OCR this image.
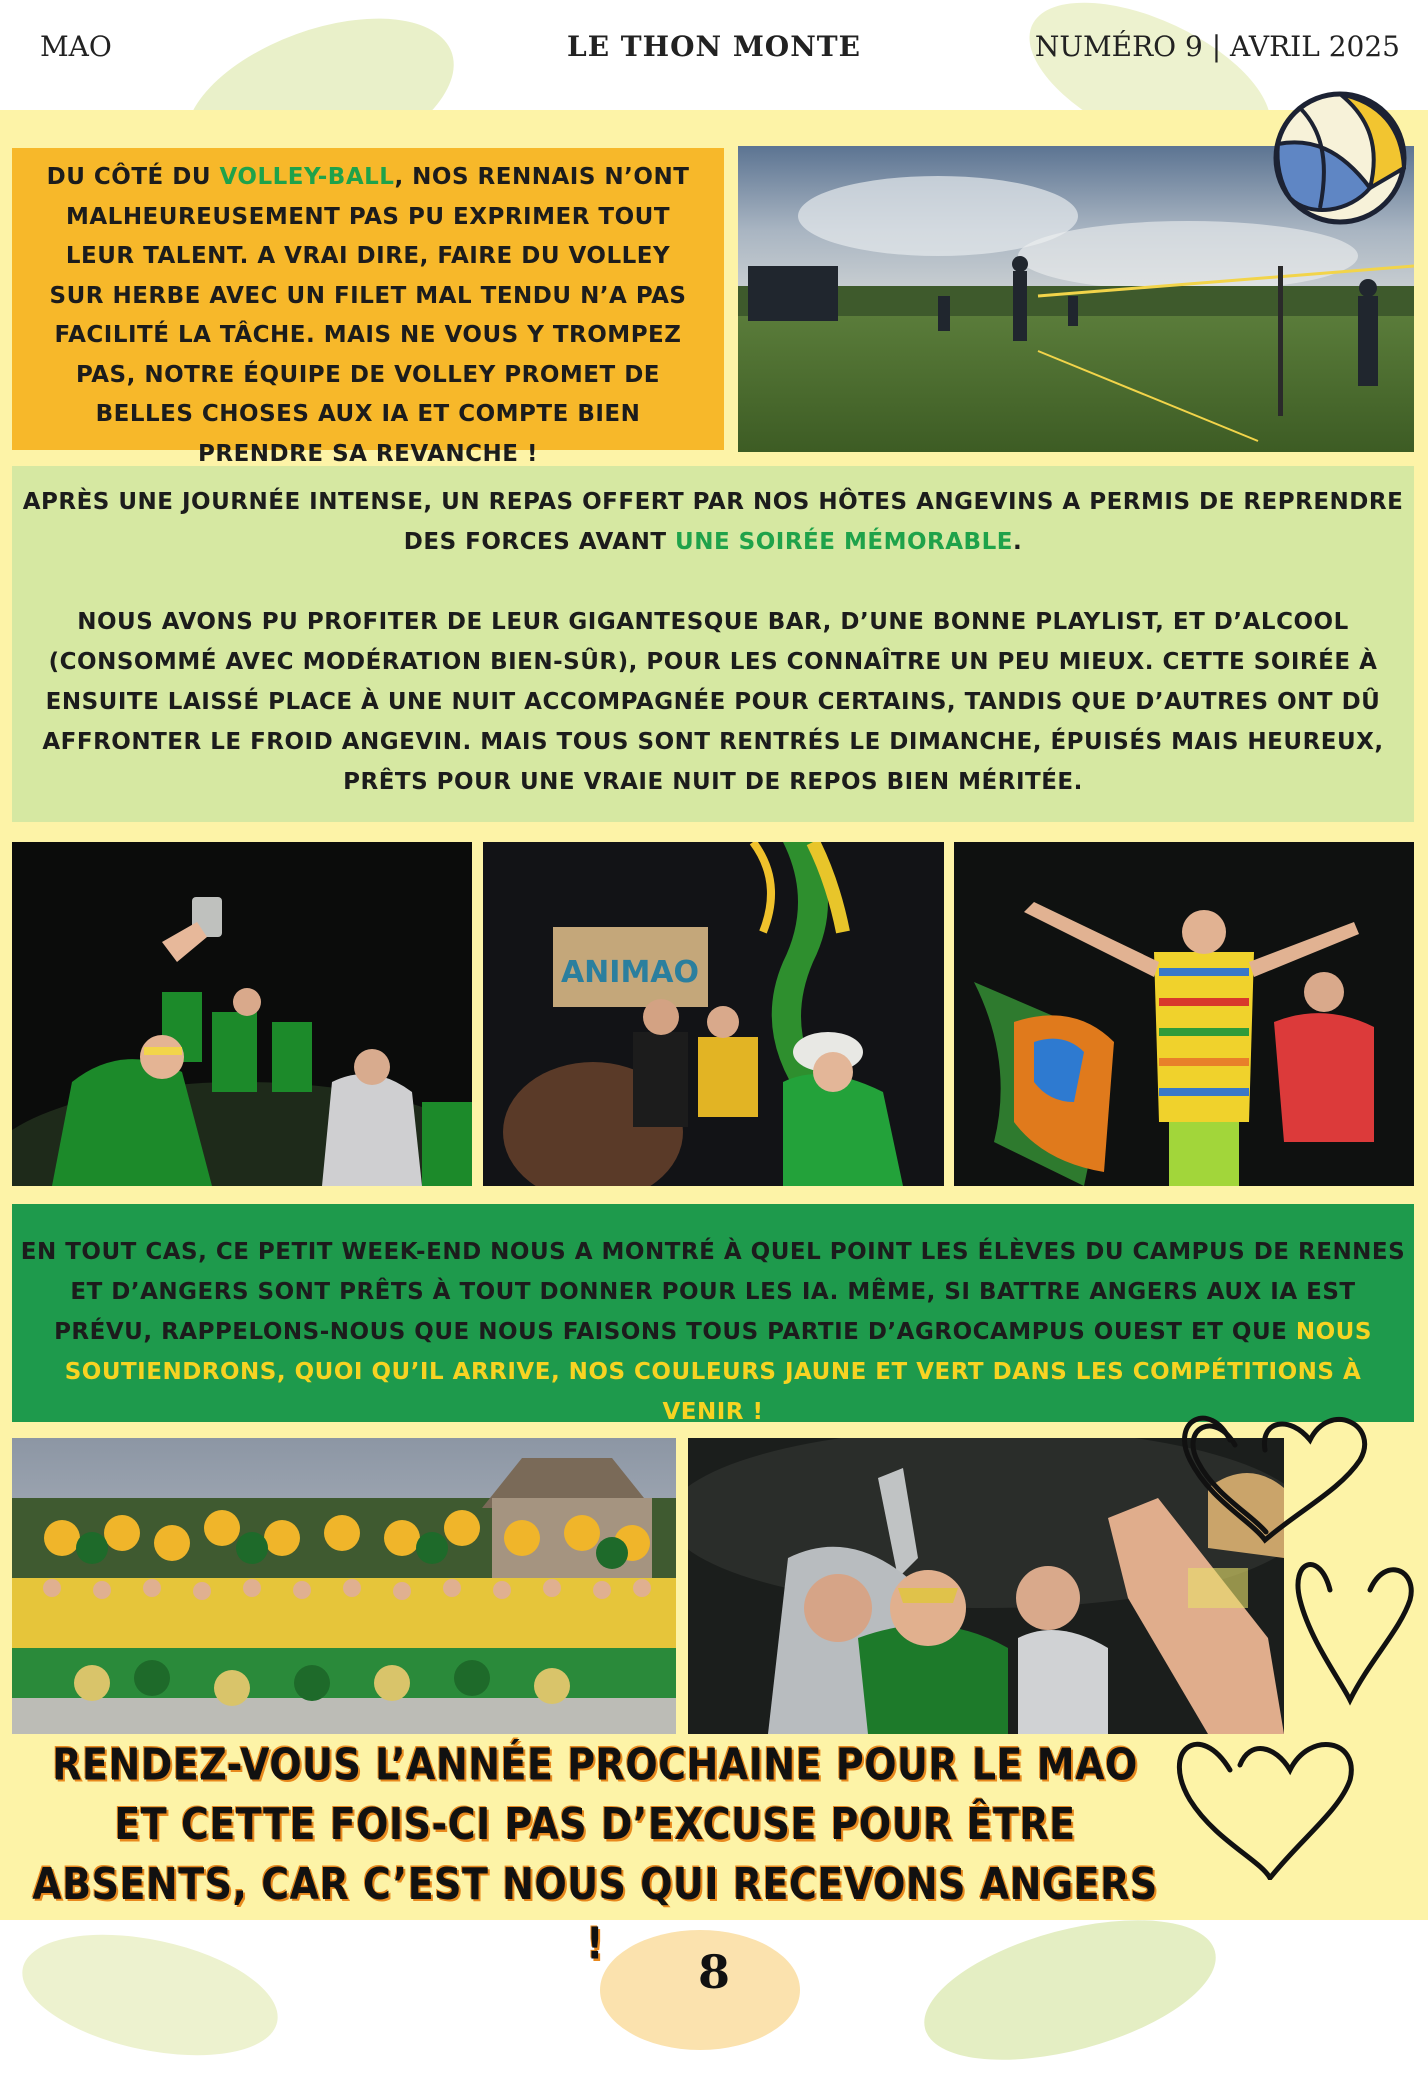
MAO	LE THON MONTE	NUMÉRO 9 | AVRIL 2025
DU CÔTÉ DU VOLLEY-BALL, NOS RENNAIS N’ONT MALHEUREUSEMENT PAS PU EXPRIMER TOUT LEUR TALENT. A VRAI DIRE, FAIRE DU VOLLEY SUR HERBE AVEC UN FILET MAL TENDU N’A PAS FACILITÉ LA TÂCHE. MAIS NE VOUS Y TROMPEZ PAS, NOTRE ÉQUIPE DE VOLLEY PROMET DE BELLES CHOSES AUX IA ET COMPTE BIEN PRENDRE SA REVANCHE !
APRÈS UNE JOURNÉE INTENSE, UN REPAS OFFERT PAR NOS HÔTES ANGEVINS A PERMIS DE REPRENDRE DES FORCES AVANT UNE SOIRÉE MÉMORABLE.
NOUS AVONS PU PROFITER DE LEUR GIGANTESQUE BAR, D’UNE BONNE PLAYLIST, ET D’ALCOOL (CONSOMMÉ AVEC MODÉRATION BIEN-SÛR), POUR LES CONNAÎTRE UN PEU MIEUX. CETTE SOIRÉE À ENSUITE LAISSÉ PLACE À UNE NUIT ACCOMPAGNÉE POUR CERTAINS, TANDIS QUE D’AUTRES ONT DÛ AFFRONTER LE FROID ANGEVIN. MAIS TOUS SONT RENTRÉS LE DIMANCHE, ÉPUISÉS MAIS HEUREUX, PRÊTS POUR UNE VRAIE NUIT DE REPOS BIEN MÉRITÉE.
ANIMAO
EN TOUT CAS, CE PETIT WEEK-END NOUS A MONTRÉ À QUEL POINT LES ÉLÈVES DU CAMPUS DE RENNES ET D’ANGERS SONT PRÊTS À TOUT DONNER POUR LES IA. MÊME, SI BATTRE ANGERS AUX IA EST PRÉVU, RAPPELONS-NOUS QUE NOUS FAISONS TOUS PARTIE D’AGROCAMPUS OUEST ET QUE NOUS SOUTIENDRONS, QUOI QU’IL ARRIVE, NOS COULEURS JAUNE ET VERT DANS LES COMPÉTITIONS À VENIR !
RENDEZ-VOUS L’ANNÉE PROCHAINE POUR LE MAO ET CETTE FOIS-CI PAS D’EXCUSE POUR ÊTRE ABSENTS, CAR C’EST NOUS QUI RECEVONS ANGERS !
8
